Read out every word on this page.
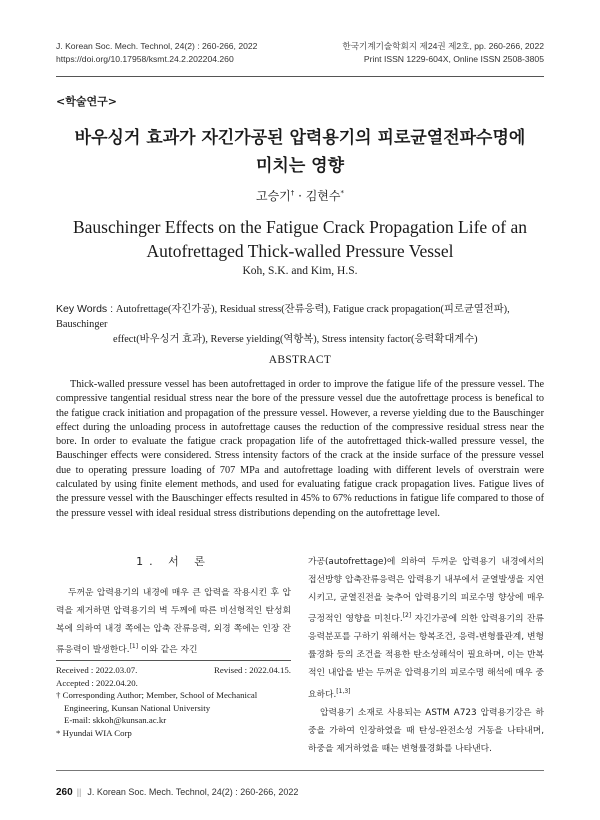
J. Korean Soc. Mech. Technol, 24(2) : 260-266, 2022
https://doi.org/10.17958/ksmt.24.2.202204.260
한국기계기술학회지 제24권 제2호, pp. 260-266, 2022
Print ISSN 1229-604X, Online ISSN 2508-3805
<학술연구>
바우싱거 효과가 자긴가공된 압력용기의 피로균열전파수명에
미치는 영향
고승기† · 김현수*
Bauschinger Effects on the Fatigue Crack Propagation Life of an
Autofrettaged Thick-walled Pressure Vessel
Koh, S.K. and Kim, H.S.
Key Words : Autofrettage(자긴가공), Residual stress(잔류응력), Fatigue crack propagation(피로균열전파), Bauschinger
effect(바우싱거 효과), Reverse yielding(역항복), Stress intensity factor(응력확대계수)
ABSTRACT

Thick-walled pressure vessel has been autofrettaged in order to improve the fatigue life of the pressure vessel. The compressive tangential residual stress near the bore of the pressure vessel due the autofrettage process is benefical to the fatigue crack initiation and propagation of the pressure vessel. However, a reverse yielding due to the Bauschinger effect during the unloading process in autofrettage causes the reduction of the compressive residual stress near the bore. In order to evaluate the fatigue crack propagation life of the autofrettaged thick-walled pressure vessel, the Bauschinger effects were considered. Stress intensity factors of the crack at the inside surface of the pressure vessel due to operating pressure loading of 707 MPa and autofrettage loading with different levels of overstrain were calculated by using finite element methods, and used for evaluating fatigue crack propagation lives. Fatigue lives of the pressure vessel with the Bauschinger effects resulted in 45% to 67% reductions in fatigue life compared to those of the pressure vessel with ideal residual stress distributions depending on the autofrettage level.

1. 서 론

두꺼운 압력용기의 내경에 매우 큰 압력을 작용시킨 후 압력을 제거하면 압력용기의 벽 두께에 따른 비선형적인 탄성회복에 의하여 내경 쪽에는 압축 잔류응력, 외경 쪽에는 인장 잔류응력이 발생한다.[1] 이와 같은 자긴

Received : 2022.03.07.	Revised : 2022.04.15.
Accepted : 2022.04.20.
† Corresponding Author; Member, School of Mechanical
Engineering, Kunsan National University
E-mail: skkoh@kunsan.ac.kr
* Hyundai WIA Corp

가공(autofrettage)에 의하여 두꺼운 압력용기 내경에서의 접선방향 압축잔류응력은 압력용기 내부에서 균열발생을 지연시키고, 균열진전을 늦추어 압력용기의 피로수명 향상에 매우 긍정적인 영향을 미친다.[2] 자긴가공에 의한 압력용기의 잔류응력분포를 구하기 위해서는 항복조건, 응력-변형률관계, 변형률경화 등의 조건을 적용한 탄소성해석이 필요하며, 이는 반복적인 내압을 받는 두꺼운 압력용기의 피로수명 해석에 매우 중요하다.[1,3]

압력용기 소재로 사용되는 ASTM A723 압력용기강은 하중을 가하여 인장하였을 때 탄성-완전소성 거동을 나타내며, 하중을 제거하였을 때는 변형률경화를 나타낸다.

260 || J. Korean Soc. Mech. Technol, 24(2) : 260-266, 2022
